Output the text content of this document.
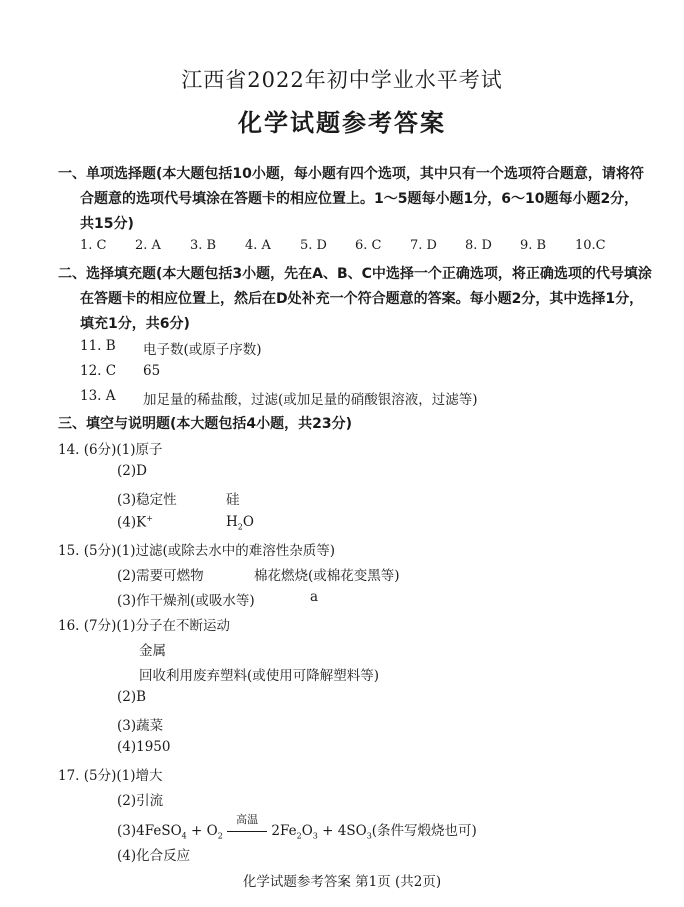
江西省2022年初中学业水平考试
化学试题参考答案
一、单项选择题(本大题包括10小题，每小题有四个选项，其中只有一个选项符合题意，请将符
合题意的选项代号填涂在答题卡的相应位置上。1～5题每小题1分，6～10题每小题2分，
共15分)
1. C 2. A 3. B 4. A 5. D 6. C 7. D 8. D 9. B 10.C
二、选择填充题(本大题包括3小题，先在A、B、C中选择一个正确选项，将正确选项的代号填涂
在答题卡的相应位置上，然后在D处补充一个符合题意的答案。每小题2分，其中选择1分，
填充1分，共6分)
11. B 电子数(或原子序数)
12. C 65
13. A 加足量的稀盐酸，过滤(或加足量的硝酸银溶液，过滤等)
三、填空与说明题(本大题包括4小题，共23分)
14. (6分)(1)原子
(2)D
(3)稳定性	硅
(4)K+	$H_2O$
15. (5分)(1)过滤(或除去水中的难溶性杂质等)
(2)需要可燃物	棉花燃烧(或棉花变黑等)
(3)作干燥剂(或吸水等)	a
16. (7分)(1)分子在不断运动
金属
回收利用废弃塑料(或使用可降解塑料等)
(2)B
(3)蔬菜
(4)1950
17. (5分)(1)增大
(2)引流
(3)4FeSO$_4$ + $O_2$
高温
$2Fe_2O_3 + 4SO_3$(条件写煅烧也可)
(4)化合反应
化学试题参考答案 第1页 (共2页)
